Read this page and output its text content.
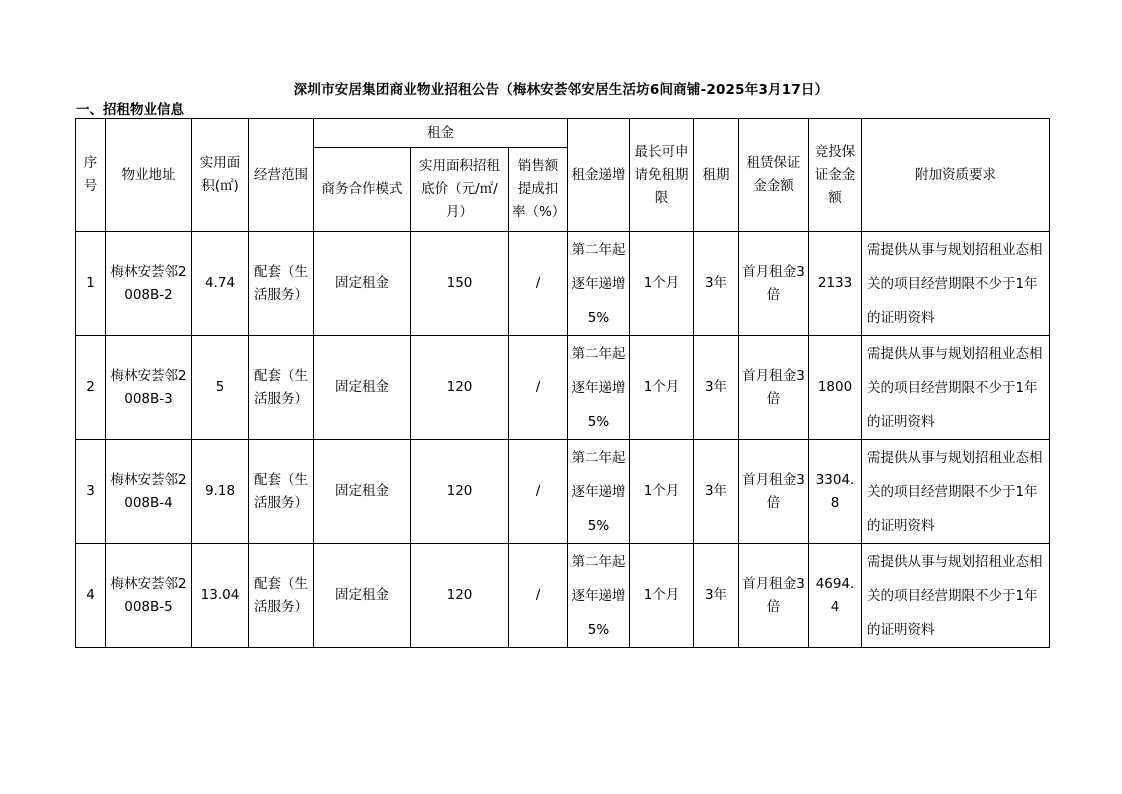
深圳市安居集团商业物业招租公告（梅林安荟邻安居生活坊6间商铺-2025年3月17日）
一、招租物业信息
序号	物业地址	实用面积(㎡)	经营范围	租金			租金递增	最长可申请免租期限	租期	租赁保证金金额	竞投保证金金额	附加资质要求
				商务合作模式	实用面积招租底价（元/㎡/月）	销售额提成扣率（%）						
1	梅林安荟邻2008B-2	4.74	配套（生活服务）	固定租金	150	/	第二年起逐年递增5%	1个月	3年	首月租金3倍	2133	需提供从事与规划招租业态相关的项目经营期限不少于1年的证明资料
2	梅林安荟邻2008B-3	5	配套（生活服务）	固定租金	120	/	第二年起逐年递增5%	1个月	3年	首月租金3倍	1800	需提供从事与规划招租业态相关的项目经营期限不少于1年的证明资料
3	梅林安荟邻2008B-4	9.18	配套（生活服务）	固定租金	120	/	第二年起逐年递增5%	1个月	3年	首月租金3倍	3304.8	需提供从事与规划招租业态相关的项目经营期限不少于1年的证明资料
4	梅林安荟邻2008B-5	13.04	配套（生活服务）	固定租金	120	/	第二年起逐年递增5%	1个月	3年	首月租金3倍	4694.4	需提供从事与规划招租业态相关的项目经营期限不少于1年的证明资料
